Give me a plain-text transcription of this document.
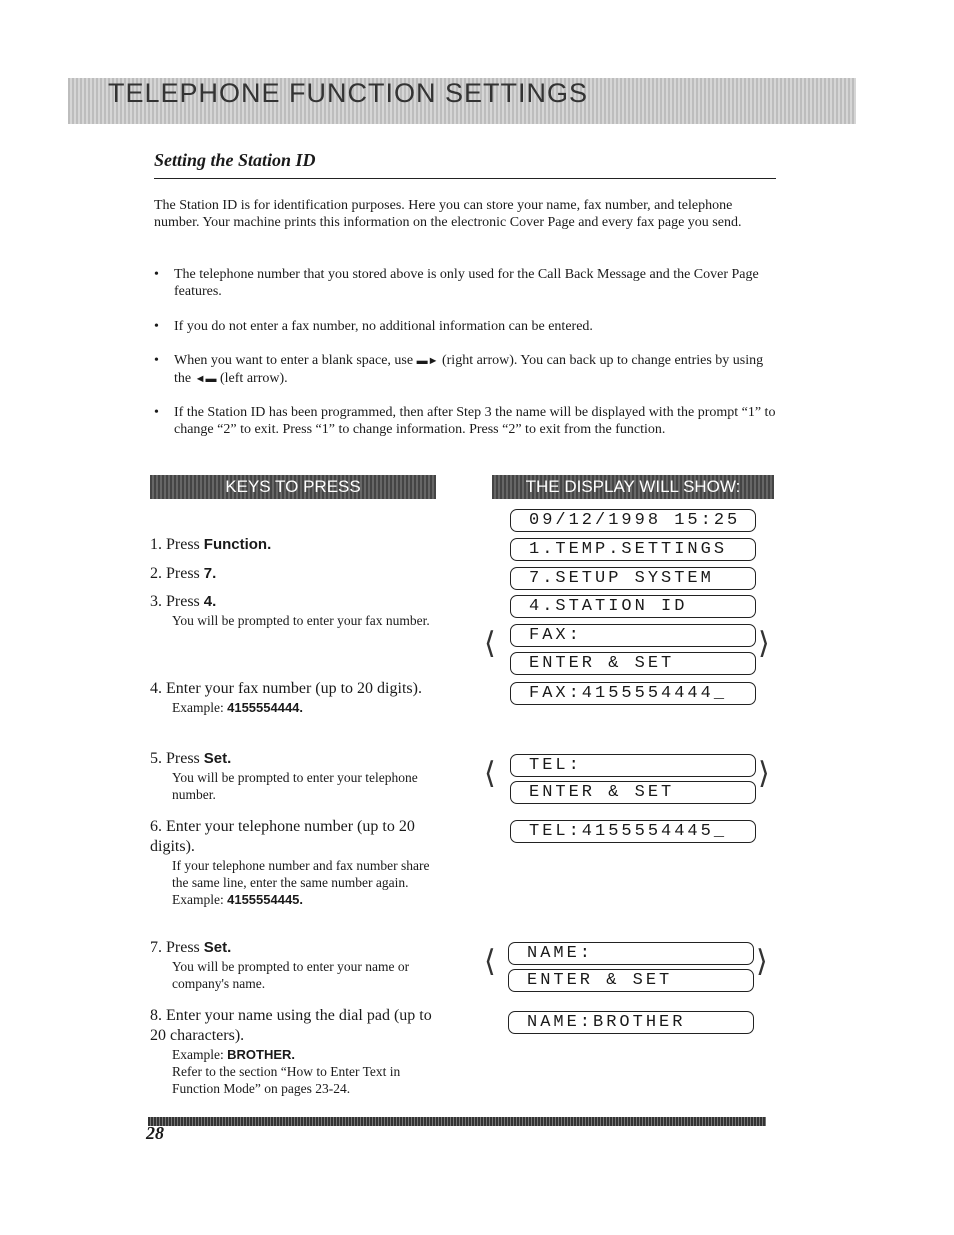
TELEPHONE FUNCTION SETTINGS
Setting the Station ID
The Station ID is for identification purposes. Here you can store your name, fax number, and telephone number. Your machine prints this information on the electronic Cover Page and every fax page you send.
• The telephone number that you stored above is only used for the Call Back Message and the Cover Page features.
• If you do not enter a fax number, no additional information can be entered.
• When you want to enter a blank space, use ▬► (right arrow). You can back up to change entries by using the ◄▬ (left arrow).
• If the Station ID has been programmed, then after Step 3 the name will be displayed with the prompt “1” to change “2” to exit. Press “1” to change information. Press “2” to exit from the function.
KEYS TO PRESS	THE DISPLAY WILL SHOW:
1. Press Function.
2. Press 7.
3. Press 4.
You will be prompted to enter your fax number.
4. Enter your fax number (up to 20 digits).
Example: 4155554444.
5. Press Set.
You will be prompted to enter your telephone number.
6. Enter your telephone number (up to 20 digits).
If your telephone number and fax number share the same line, enter the same number again.
Example: 4155554445.
7. Press Set.
You will be prompted to enter your name or company's name.
8. Enter your name using the dial pad (up to 20 characters).
Example: BROTHER.
Refer to the section “How to Enter Text in Function Mode” on pages 23-24.
09/12/1998 15:25
1.TEMP.SETTINGS
7.SETUP SYSTEM
4.STATION ID
⟨	FAX:
ENTER & SET
⟩
FAX:4155554444_
⟨	TEL:
ENTER & SET
⟩
TEL:4155554445_
⟨	NAME:
ENTER & SET
⟩
NAME:BROTHER
28
